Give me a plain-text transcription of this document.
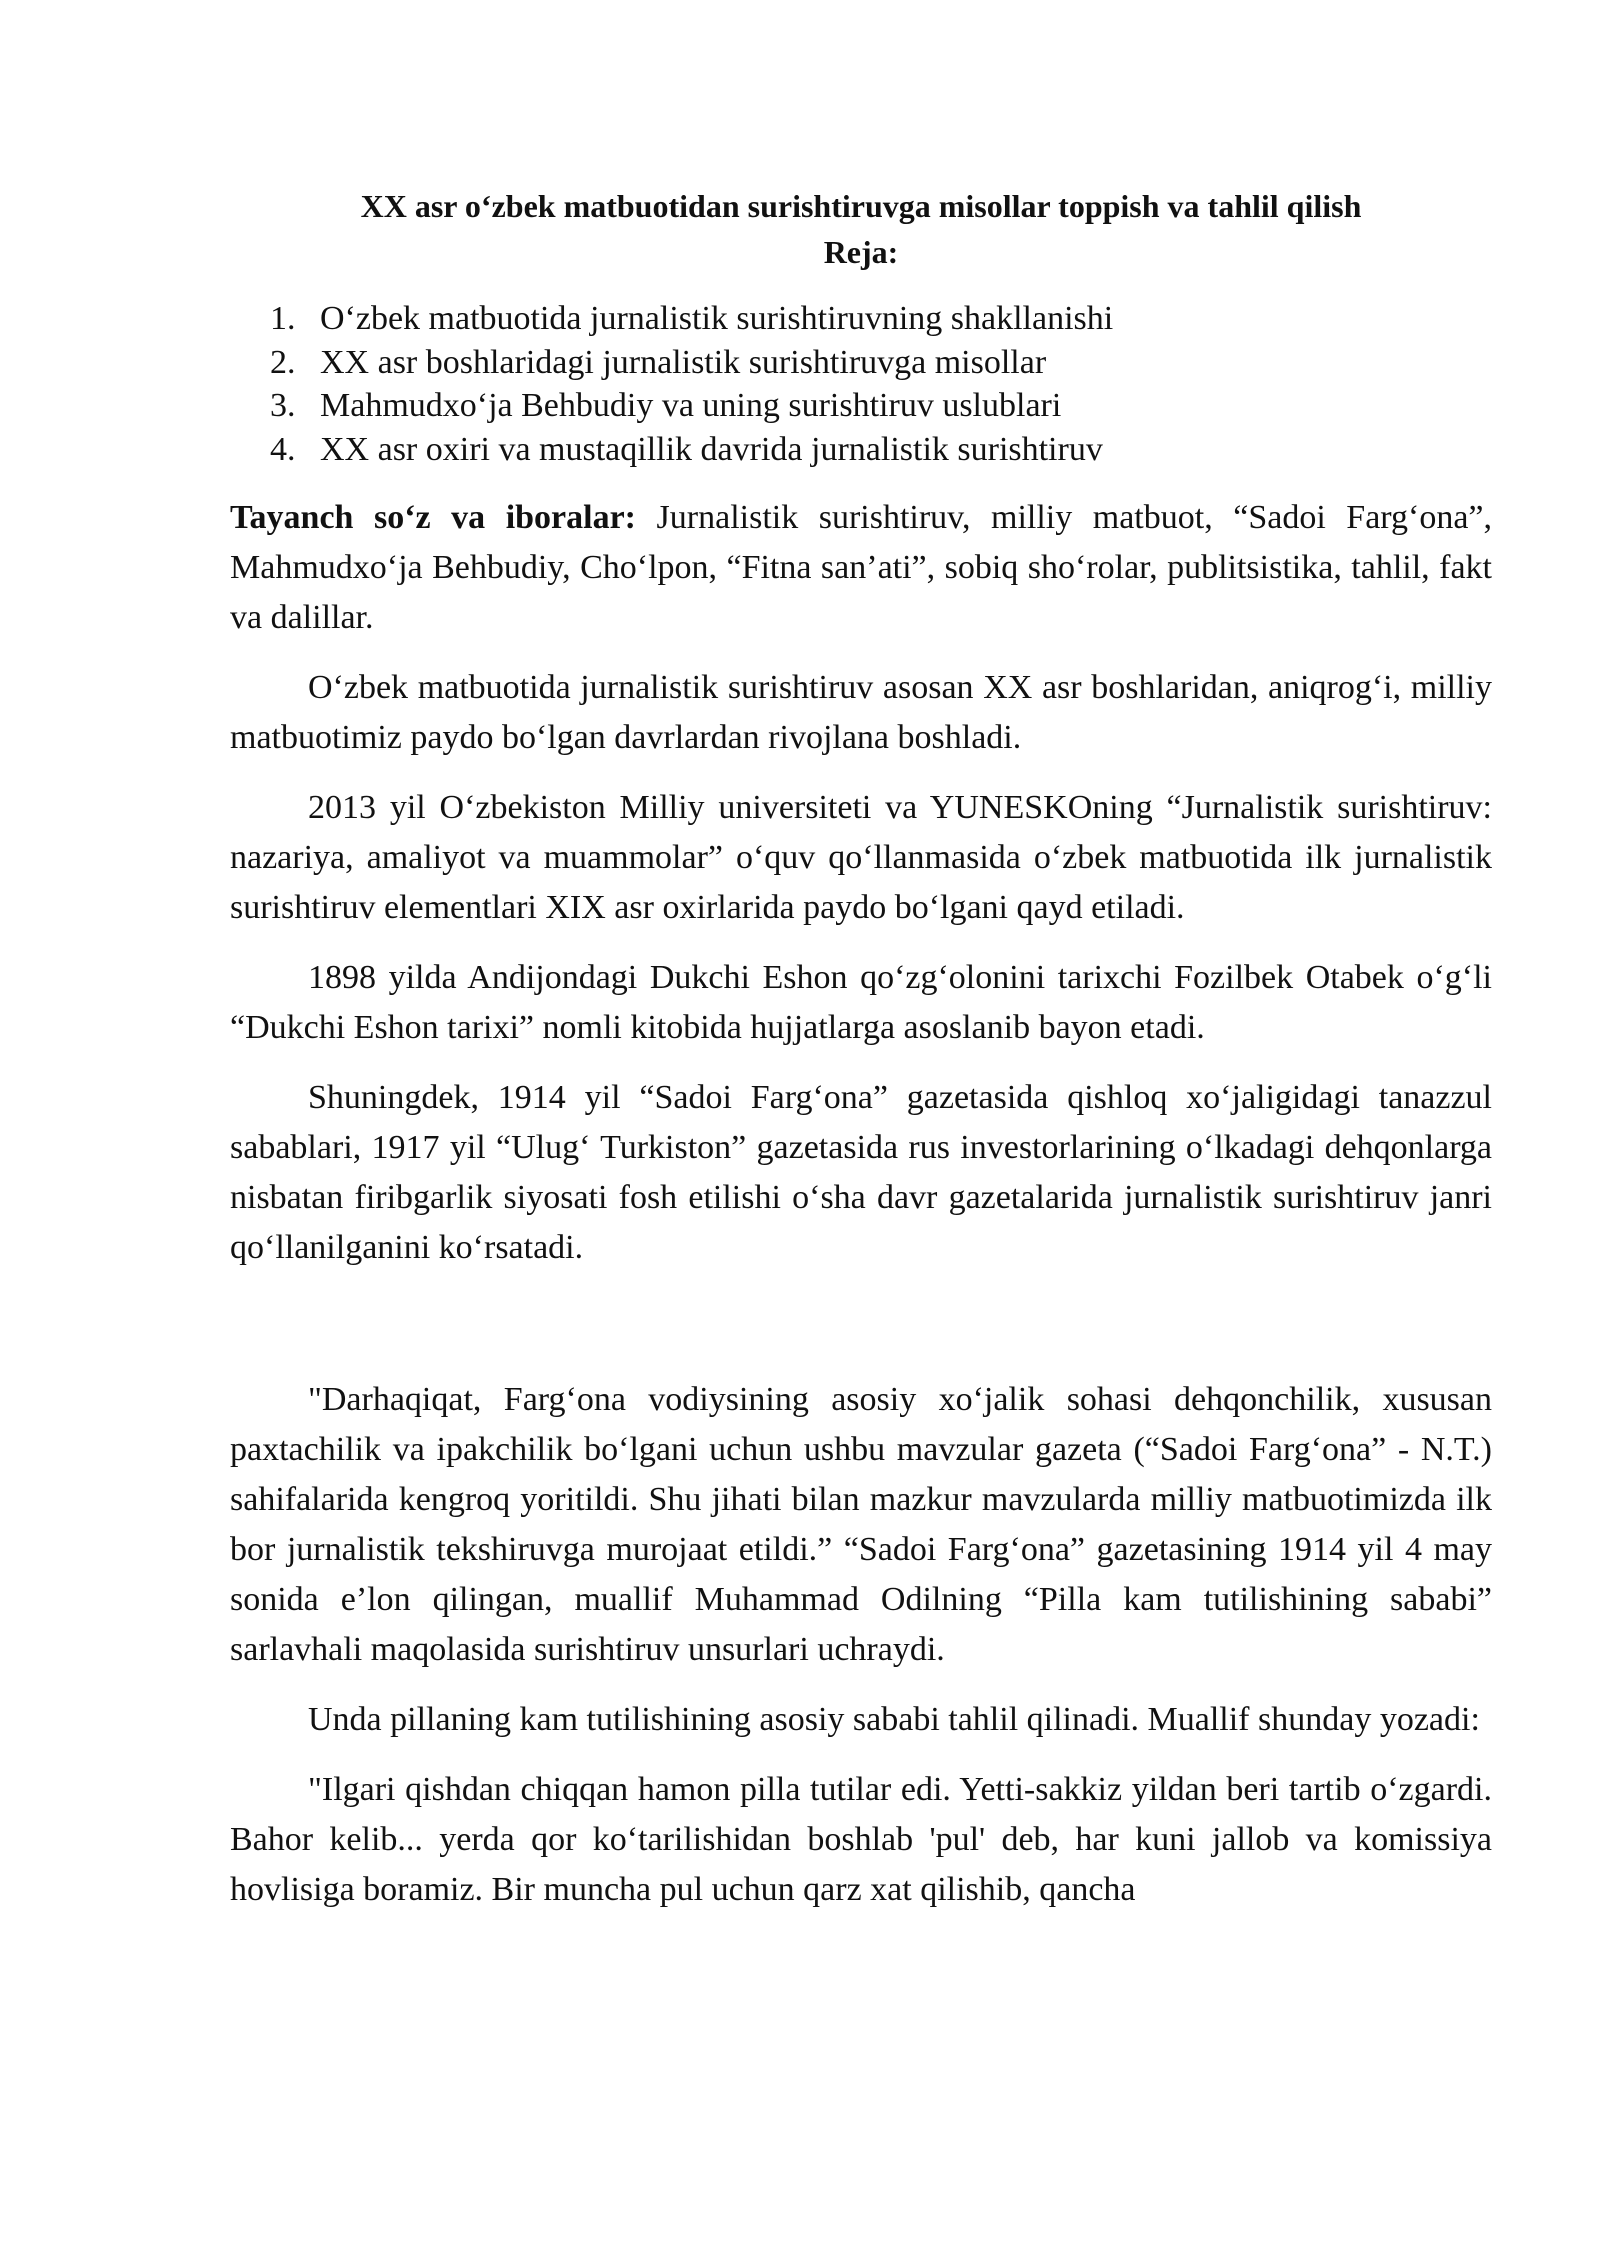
XX asr o‘zbek matbuotidan surishtiruvga misollar toppish va tahlil qilish

Reja:

1. O‘zbek matbuotida jurnalistik surishtiruvning shakllanishi
2. XX asr boshlaridagi jurnalistik surishtiruvga misollar
3. Mahmudxo‘ja Behbudiy va uning surishtiruv uslublari
4. XX asr oxiri va mustaqillik davrida jurnalistik surishtiruv

Tayanch so‘z va iboralar: Jurnalistik surishtiruv, milliy matbuot, “Sadoi Farg‘ona”, Mahmudxo‘ja Behbudiy, Cho‘lpon, “Fitna san’ati”, sobiq sho‘rolar, publitsistika, tahlil, fakt va dalillar.

O‘zbek matbuotida jurnalistik surishtiruv asosan XX asr boshlaridan, aniqrog‘i, milliy matbuotimiz paydo bo‘lgan davrlardan rivojlana boshladi.

2013 yil O‘zbekiston Milliy universiteti va YUNESKOning “Jurnalistik surishtiruv: nazariya, amaliyot va muammolar” o‘quv qo‘llanmasida o‘zbek matbuotida ilk jurnalistik surishtiruv elementlari XIX asr oxirlarida paydo bo‘lgani qayd etiladi.

1898 yilda Andijondagi Dukchi Eshon qo‘zg‘olonini tarixchi Fozilbek Otabek o‘g‘li “Dukchi Eshon tarixi” nomli kitobida hujjatlarga asoslanib bayon etadi.

Shuningdek, 1914 yil “Sadoi Farg‘ona” gazetasida qishloq xo‘jaligidagi tanazzul sabablari, 1917 yil “Ulug‘ Turkiston” gazetasida rus investorlarining o‘lkadagi dehqonlarga nisbatan firibgarlik siyosati fosh etilishi o‘sha davr gazetalarida jurnalistik surishtiruv janri qo‘llanilganini ko‘rsatadi.

"Darhaqiqat, Farg‘ona vodiysining asosiy xo‘jalik sohasi dehqonchilik, xususan paxtachilik va ipakchilik bo‘lgani uchun ushbu mavzular gazeta (“Sadoi Farg‘ona” - N.T.) sahifalarida kengroq yoritildi. Shu jihati bilan mazkur mavzularda milliy matbuotimizda ilk bor jurnalistik tekshiruvga murojaat etildi.” “Sadoi Farg‘ona” gazetasining 1914 yil 4 may sonida e’lon qilingan, muallif Muhammad Odilning “Pilla kam tutilishining sababi” sarlavhali maqolasida surishtiruv unsurlari uchraydi.

Unda pillaning kam tutilishining asosiy sababi tahlil qilinadi. Muallif shunday yozadi:

"Ilgari qishdan chiqqan hamon pilla tutilar edi. Yetti-sakkiz yildan beri tartib o‘zgardi. Bahor kelib... yerda qor ko‘tarilishidan boshlab 'pul' deb, har kuni jallob va komissiya hovlisiga boramiz. Bir muncha pul uchun qarz xat qilishib, qancha
